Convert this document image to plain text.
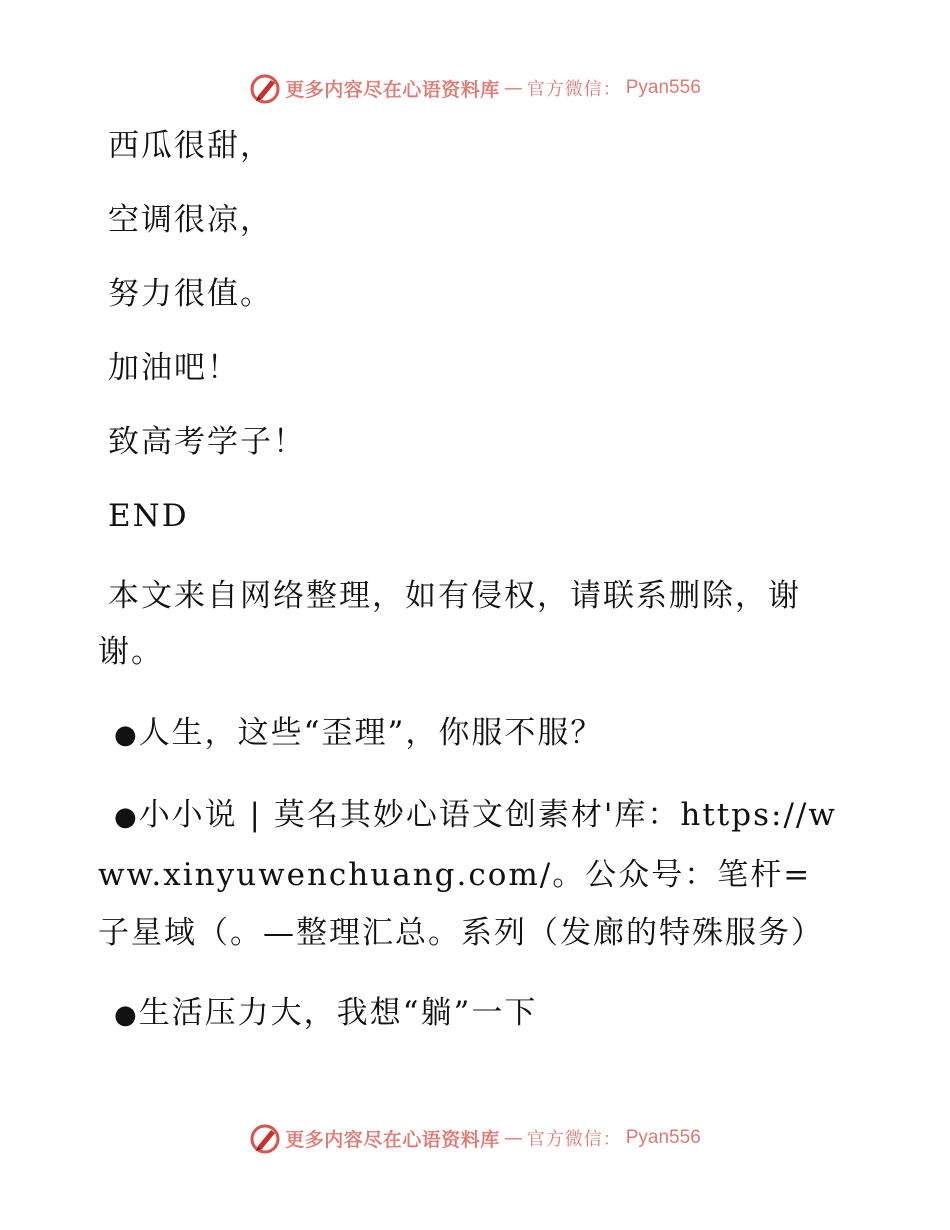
更多内容尽在心语资料库 — 官方微信： Pyan556
西瓜很甜，
空调很凉，
努力很值。
加油吧！
致高考学子！
END
本文来自网络整理，如有侵权，请联系删除，谢谢。
●人生，这些“歪理”，你服不服？
●小小说 | 莫名其妙心语文创素材'库：https://www.xinyuwenchuang.com/。公众号：笔杆=子星域（。—整理汇总。系列（发廊的特殊服务）
●生活压力大，我想“躺”一下
更多内容尽在心语资料库 — 官方微信： Pyan556
